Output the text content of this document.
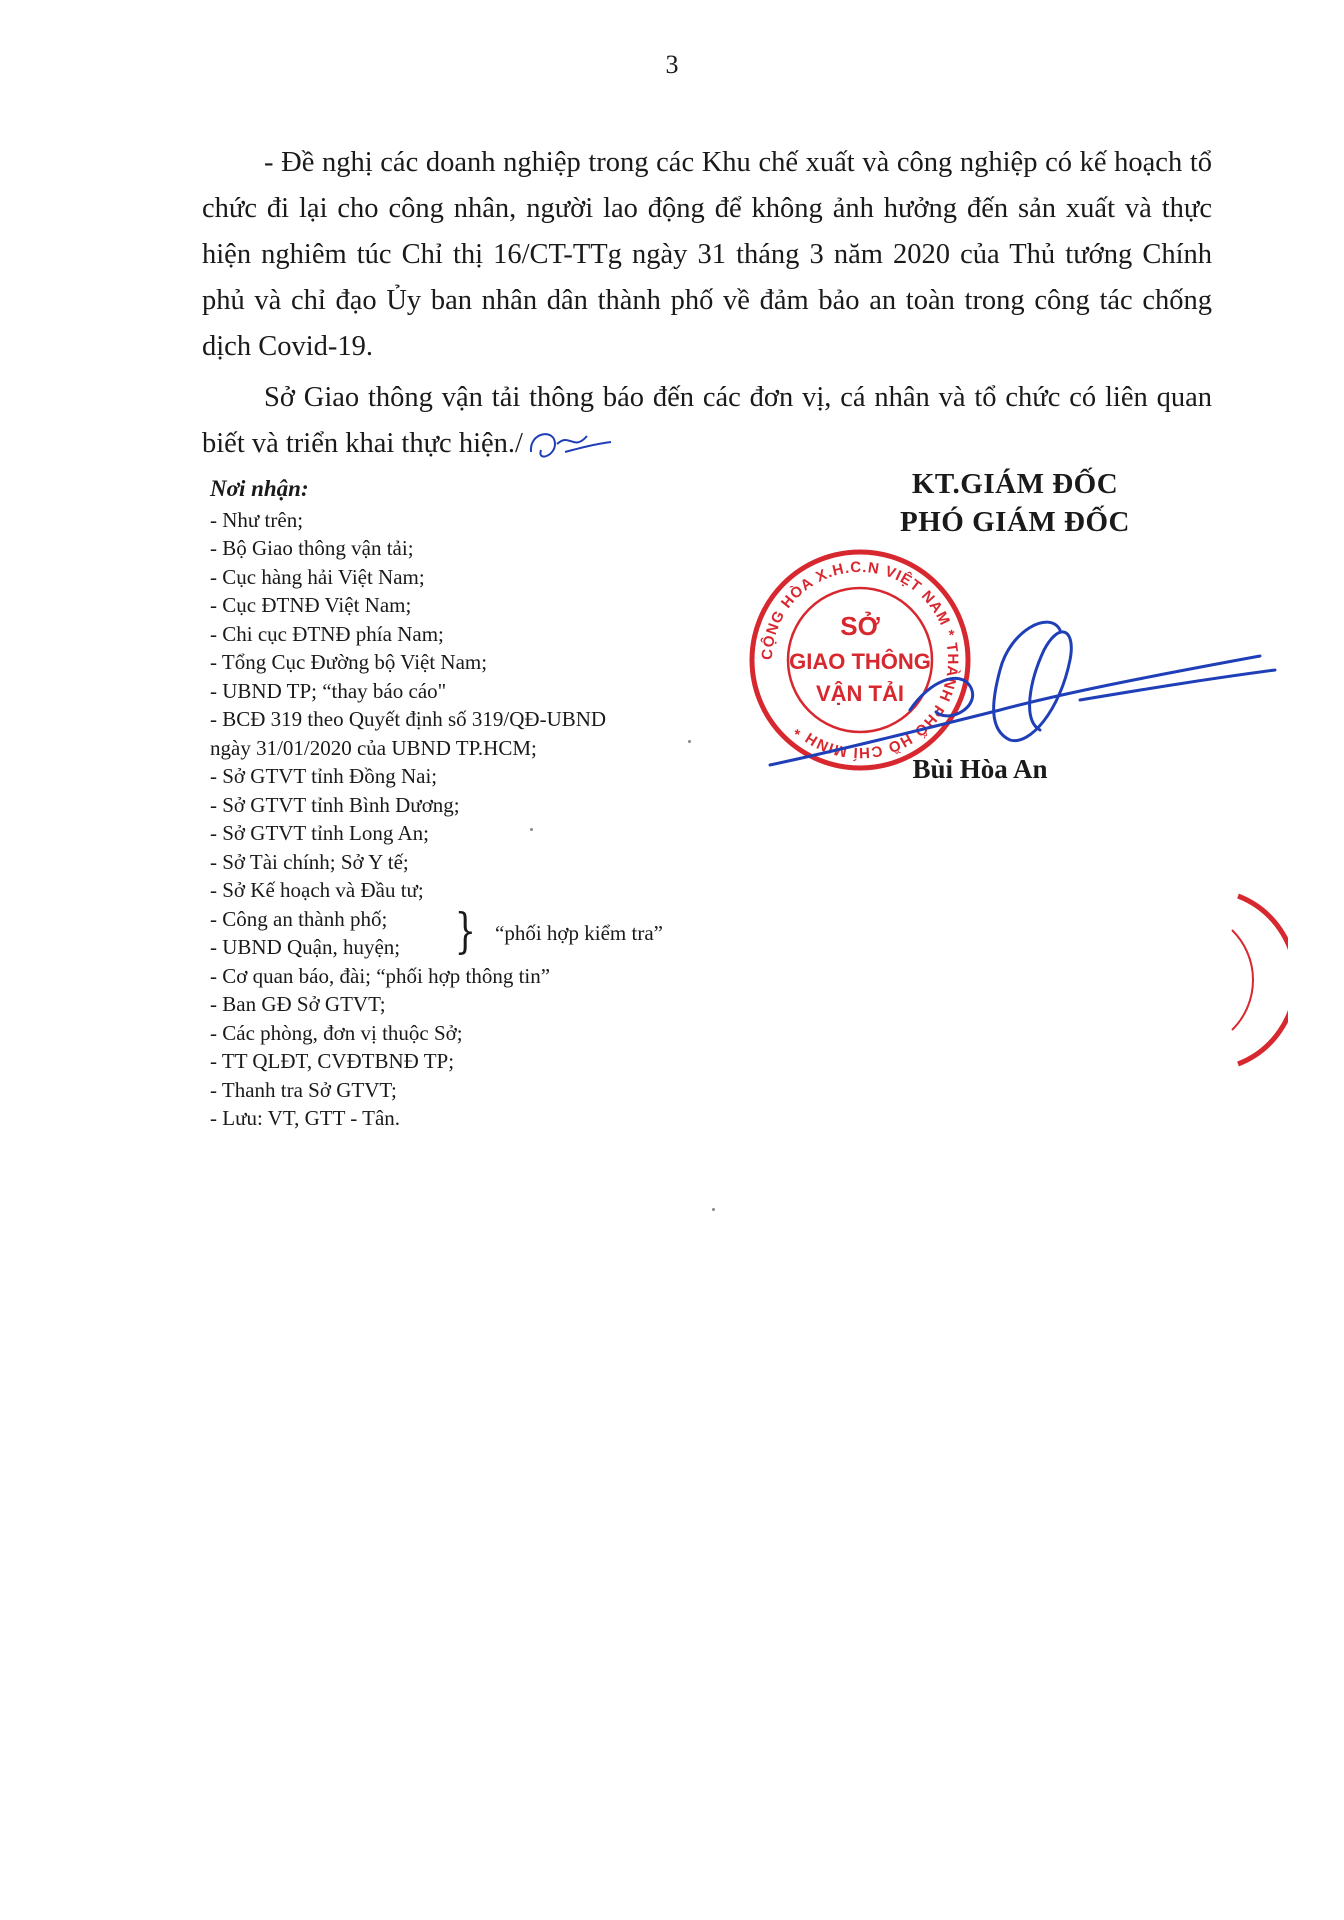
3

- Đề nghị các doanh nghiệp trong các Khu chế xuất và công nghiệp có kế hoạch tổ chức đi lại cho công nhân, người lao động để không ảnh hưởng đến sản xuất và thực hiện nghiêm túc Chỉ thị 16/CT-TTg ngày 31 tháng 3 năm 2020 của Thủ tướng Chính phủ và chỉ đạo Ủy ban nhân dân thành phố về đảm bảo an toàn trong công tác chống dịch Covid-19.

Sở Giao thông vận tải thông báo đến các đơn vị, cá nhân và tổ chức có liên quan biết và triển khai thực hiện./

Nơi nhận:
- Như trên;
- Bộ Giao thông vận tải;
- Cục hàng hải Việt Nam;
- Cục ĐTNĐ Việt Nam;
- Chi cục ĐTNĐ phía Nam;
- Tổng Cục Đường bộ Việt Nam;
- UBND TP; “thay báo cáo"
- BCĐ 319 theo Quyết định số 319/QĐ-UBND
ngày 31/01/2020 của UBND TP.HCM;
- Sở GTVT tỉnh Đồng Nai;
- Sở GTVT tỉnh Bình Dương;
- Sở GTVT tỉnh Long An;
- Sở Tài chính; Sở Y tế;
- Sở Kế hoạch và Đầu tư;
- Công an thành phố;
- UBND Quận, huyện;	} “phối hợp kiểm tra”
- Cơ quan báo, đài; “phối hợp thông tin”
- Ban GĐ Sở GTVT;
- Các phòng, đơn vị thuộc Sở;
- TT QLĐT, CVĐTBNĐ TP;
- Thanh tra Sở GTVT;
- Lưu: VT, GTT - Tân.
KT.GIÁM ĐỐC
PHÓ GIÁM ĐỐC
CỘNG HÒA X.H.C.N VIỆT NAM * THÀNH PHỐ HỒ CHÍ MINH *
SỞ
GIAO THÔNG
VẬN TẢI
Bùi Hòa An
